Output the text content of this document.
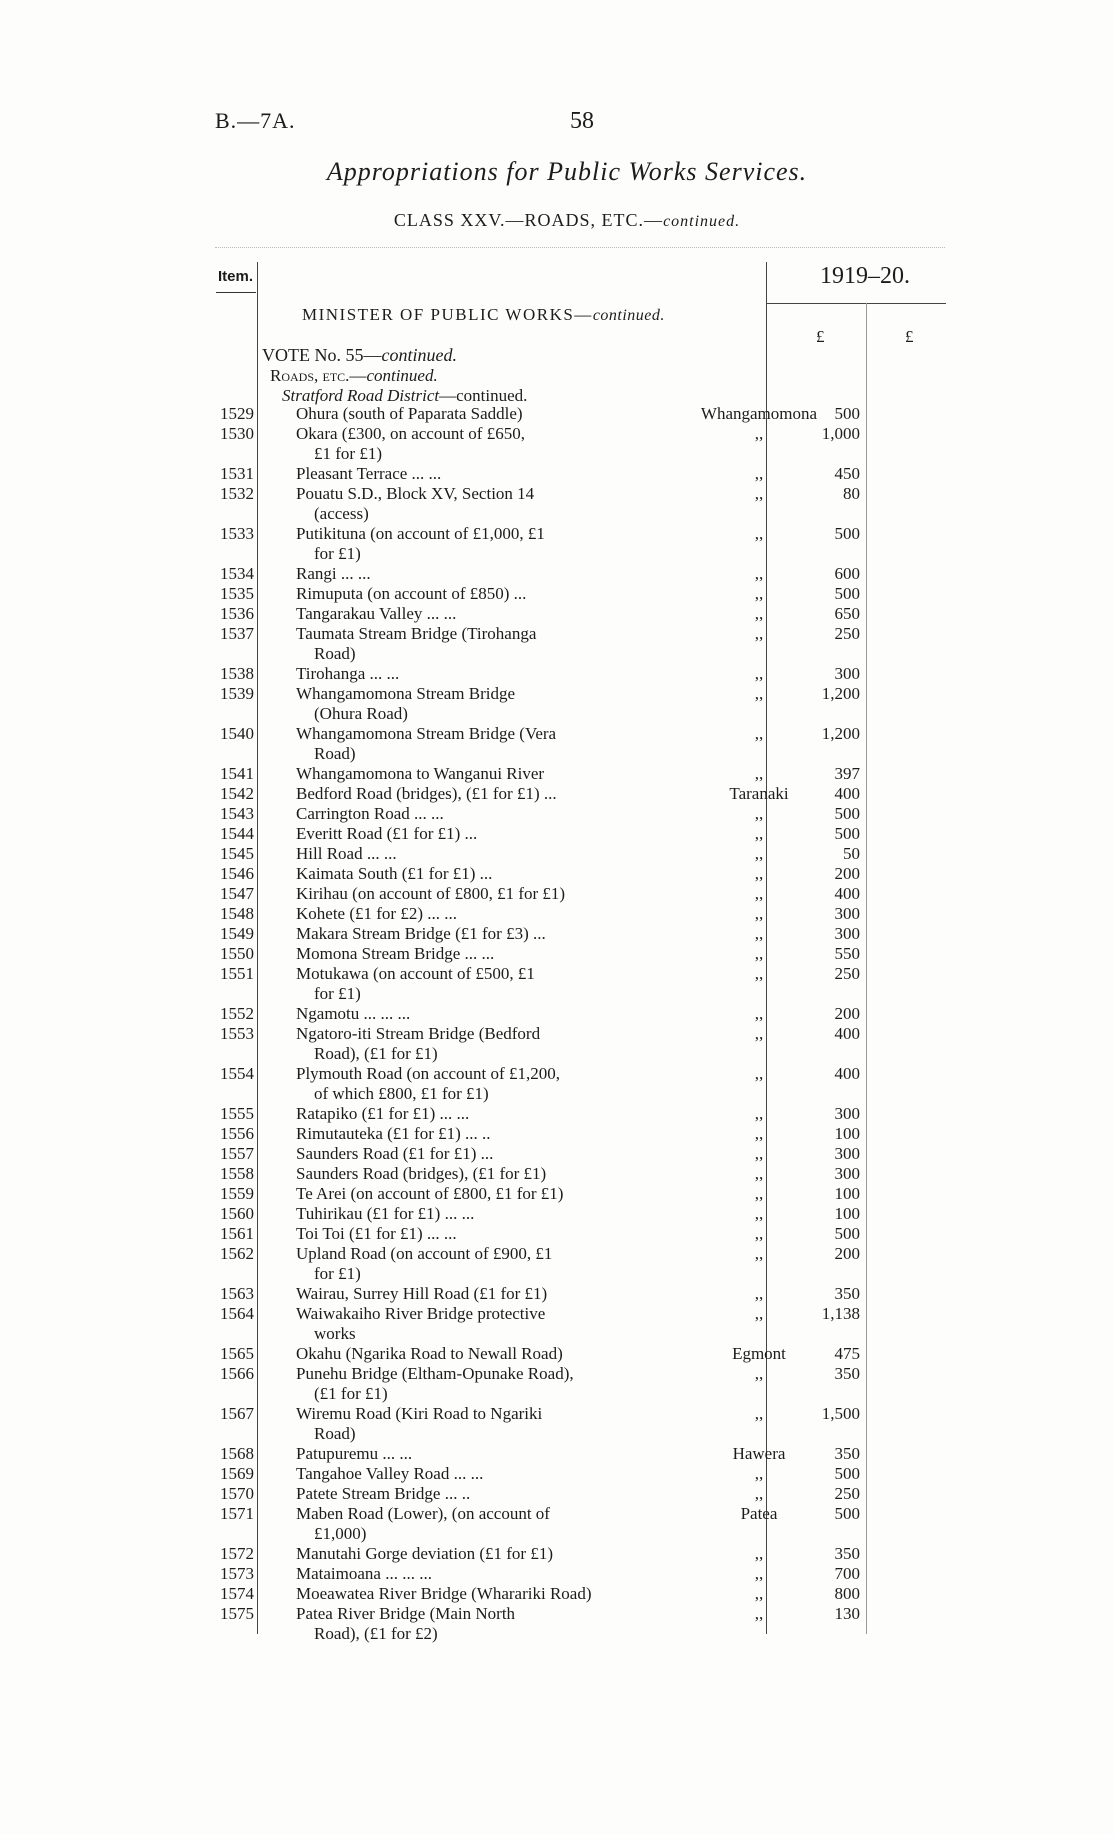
B.—7A.	58
Appropriations for Public Works Services.
CLASS XXV.—ROADS, ETC.—continued.
Item.	1919–20.
MINISTER OF PUBLIC WORKS—continued.
£	£
VOTE No. 55—continued.
Roads, etc.—continued.
Stratford Road District—continued.
1529 Ohura (south of Paparata Saddle)	Whangamomona	500
1530 Okara (£300, on account of £650,
£1 for £1)
,,	1,000
1531 Pleasant Terrace ... ...	,,	450
1532 Pouatu S.D., Block XV, Section 14
(access)
,,	80
1533 Putikituna (on account of £1,000, £1
for £1)
,,	500
1534 Rangi ... ...	,,	600
1535 Rimuputa (on account of £850) ...	,,	500
1536 Tangarakau Valley ... ...	,,	650
1537 Taumata Stream Bridge (Tirohanga
Road)
,,	250
1538 Tirohanga ... ...	,,	300
1539 Whangamomona Stream Bridge
(Ohura Road)
,,	1,200
1540 Whangamomona Stream Bridge (Vera
Road)
,,	1,200
1541 Whangamomona to Wanganui River	,,	397
1542 Bedford Road (bridges), (£1 for £1) ...	Taranaki	400
1543 Carrington Road ... ...	,,	500
1544 Everitt Road (£1 for £1) ...	,,	500
1545 Hill Road ... ...	,,	50
1546 Kaimata South (£1 for £1) ...	,,	200
1547 Kirihau (on account of £800, £1 for £1)	,,	400
1548 Kohete (£1 for £2) ... ...	,,	300
1549 Makara Stream Bridge (£1 for £3) ...	,,	300
1550 Momona Stream Bridge ... ...	,,	550
1551 Motukawa (on account of £500, £1
for £1)
,,	250
1552 Ngamotu ... ... ...	,,	200
1553 Ngatoro-iti Stream Bridge (Bedford
Road), (£1 for £1)
,,	400
1554 Plymouth Road (on account of £1,200,
of which £800, £1 for £1)
,,	400
1555 Ratapiko (£1 for £1) ... ...	,,	300
1556 Rimutauteka (£1 for £1) ... ..	,,	100
1557 Saunders Road (£1 for £1) ...	,,	300
1558 Saunders Road (bridges), (£1 for £1)	,,	300
1559 Te Arei (on account of £800, £1 for £1)	,,	100
1560 Tuhirikau (£1 for £1) ... ...	,,	100
1561 Toi Toi (£1 for £1) ... ...	,,	500
1562 Upland Road (on account of £900, £1
for £1)
,,	200
1563 Wairau, Surrey Hill Road (£1 for £1)	,,	350
1564 Waiwakaiho River Bridge protective
works
,,	1,138
1565 Okahu (Ngarika Road to Newall Road)	Egmont	475
1566 Punehu Bridge (Eltham-Opunake Road),
(£1 for £1)
,,	350
1567 Wiremu Road (Kiri Road to Ngariki
Road)
,,	1,500
1568 Patupuremu ... ...	Hawera	350
1569 Tangahoe Valley Road ... ...	,,	500
1570 Patete Stream Bridge ... ..	,,	250
1571 Maben Road (Lower), (on account of
£1,000)
Patea	500
1572 Manutahi Gorge deviation (£1 for £1)	,,	350
1573 Mataimoana ... ... ...	,,	700
1574 Moeawatea River Bridge (Wharariki Road)	,,	800
1575 Patea River Bridge (Main North
Road), (£1 for £2)
,,	130
